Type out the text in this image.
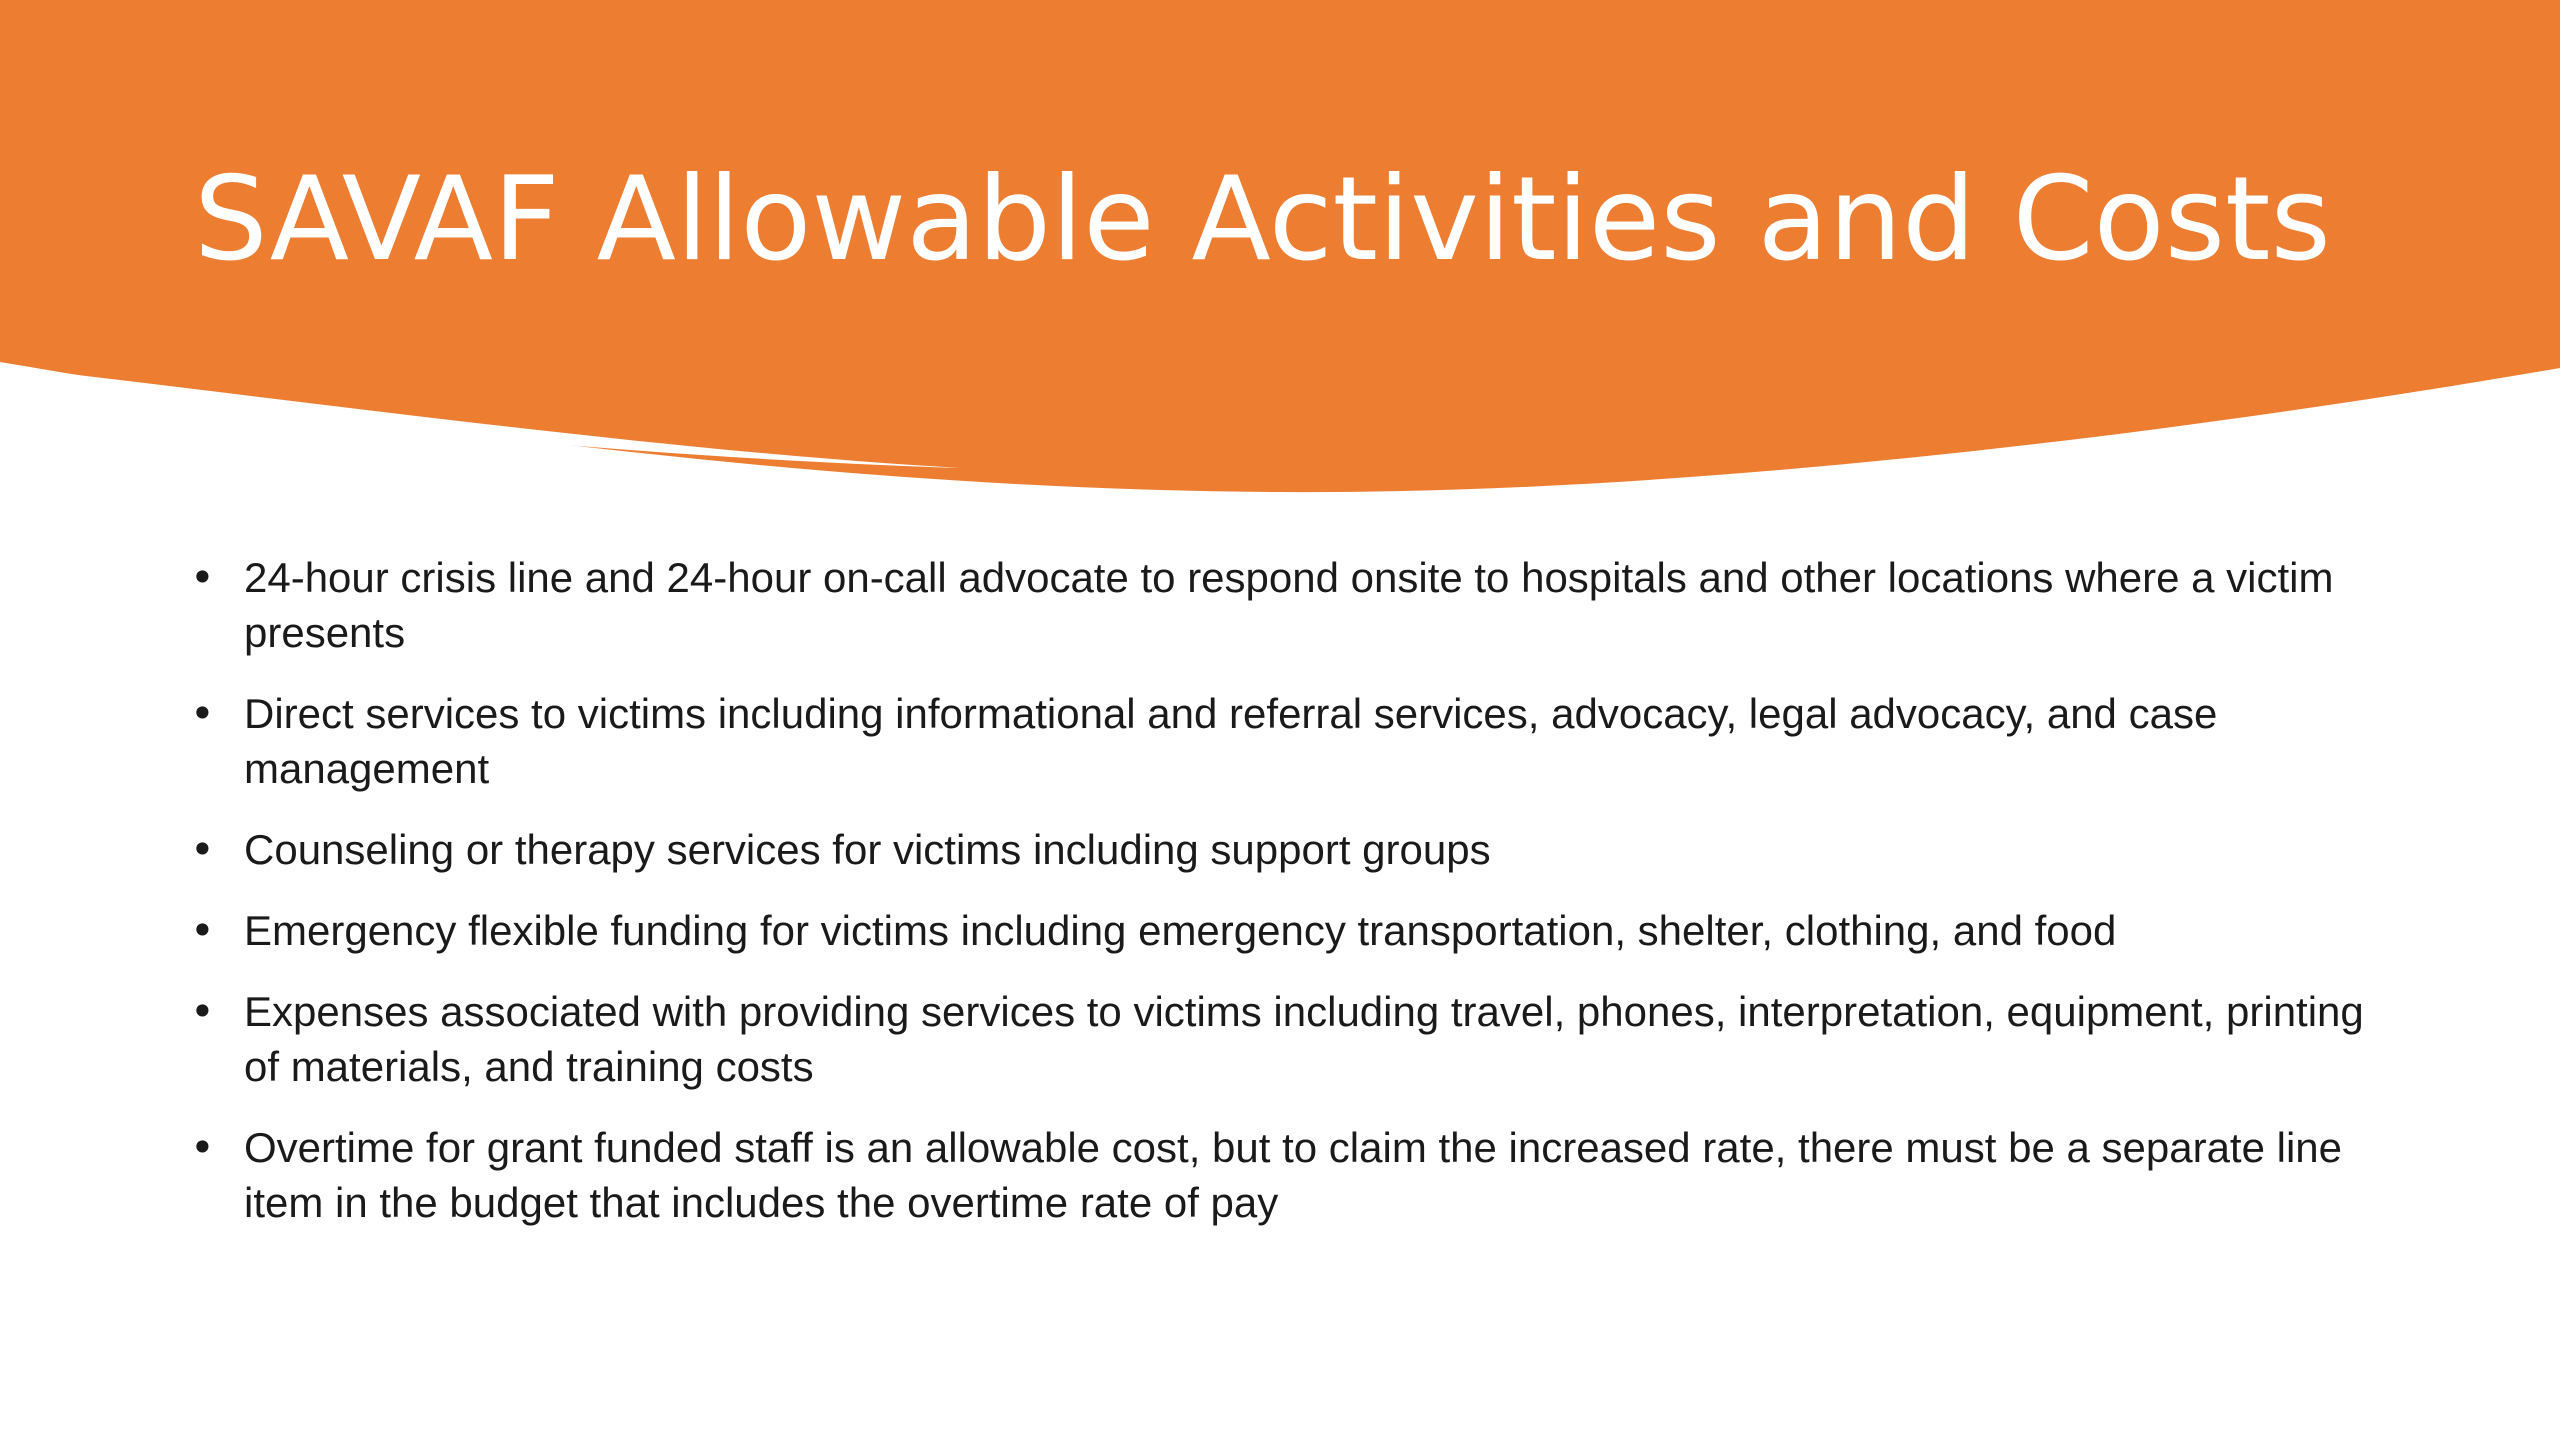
SAVAF Allowable Activities and Costs
• 24-hour crisis line and 24-hour on-call advocate to respond onsite to hospitals and other locations where a victim presents
• Direct services to victims including informational and referral services, advocacy, legal advocacy, and case management
• Counseling or therapy services for victims including support groups
• Emergency flexible funding for victims including emergency transportation, shelter, clothing, and food
• Expenses associated with providing services to victims including travel, phones, interpretation, equipment, printing of materials, and training costs
• Overtime for grant funded staff is an allowable cost, but to claim the increased rate, there must be a separate line item in the budget that includes the overtime rate of pay
